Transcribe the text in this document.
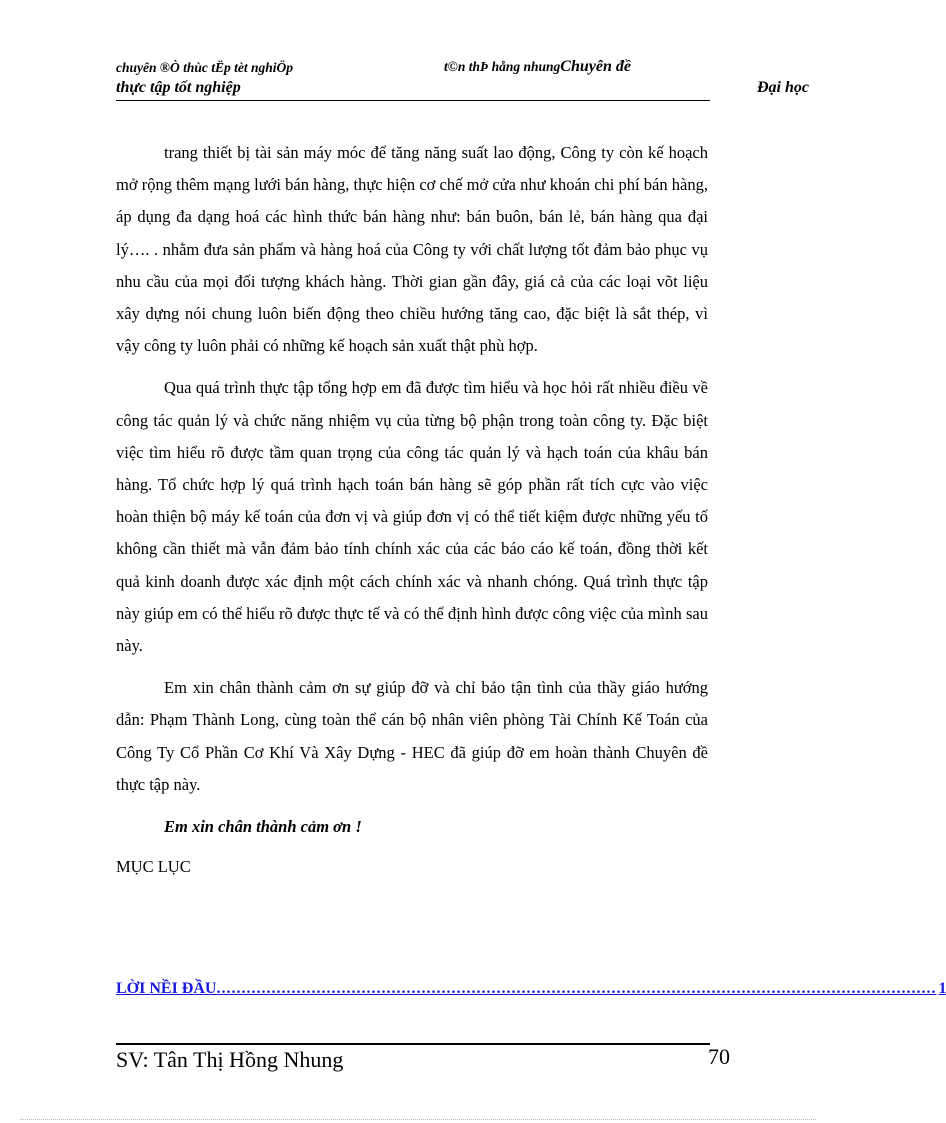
chuyên ®Ò thùc tËp tèt nghiÖp	t©n thÞ hång nhungChuyên đề
thực tập tốt nghiệp	Đại học

trang thiết bị tài sản máy móc để tăng năng suất lao động, Công ty còn kế hoạch mở rộng thêm mạng lưới bán hàng, thực hiện cơ chế mở cửa như khoán chi phí bán hàng, áp dụng đa dạng hoá các hình thức bán hàng như: bán buôn, bán lẻ, bán hàng qua đại lý…. . nhằm đưa sản phẩm và hàng hoá của Công ty với chất lượng tốt đảm bảo phục vụ nhu cầu của mọi đối tượng khách hàng. Thời gian gần đây, giá cả của các loại võt liệu xây dựng nói chung luôn biến động theo chiều hướng tăng cao, đặc biệt là sắt thép, vì vậy công ty luôn phải có những kế hoạch sản xuất thật phù hợp.

Qua quá trình thực tập tổng hợp em đã được tìm hiểu và học hỏi rất nhiều điều về công tác quản lý và chức năng nhiệm vụ của từng bộ phận trong toàn công ty. Đặc biệt việc tìm hiểu rõ được tầm quan trọng của công tác quản lý và hạch toán của khâu bán hàng. Tổ chức hợp lý quá trình hạch toán bán hàng sẽ góp phần rất tích cực vào việc hoàn thiện bộ máy kế toán của đơn vị và giúp đơn vị có thể tiết kiệm được những yếu tố không cần thiết mà vẫn đảm bảo tính chính xác của các báo cáo kế toán, đồng thời kết quả kinh doanh được xác định một cách chính xác và nhanh chóng. Quá trình thực tập này giúp em có thể hiểu rõ được thực tế và có thể định hình được công việc của mình sau này.

Em xin chân thành cảm ơn sự giúp đỡ và chỉ bảo tận tình của thầy giáo hướng dẫn: Phạm Thành Long, cùng toàn thể cán bộ nhân viên phòng Tài Chính Kế Toán của Công Ty Cổ Phần Cơ Khí Và Xây Dựng - HEC đã giúp đỡ em hoàn thành Chuyên đề thực tập này.

Em xin chân thành cảm ơn !

MỤC LỤC

LỜI NỀI ĐẦU ................................................................................................................................................ 1
SV: Tân Thị Hồng Nhung	70
